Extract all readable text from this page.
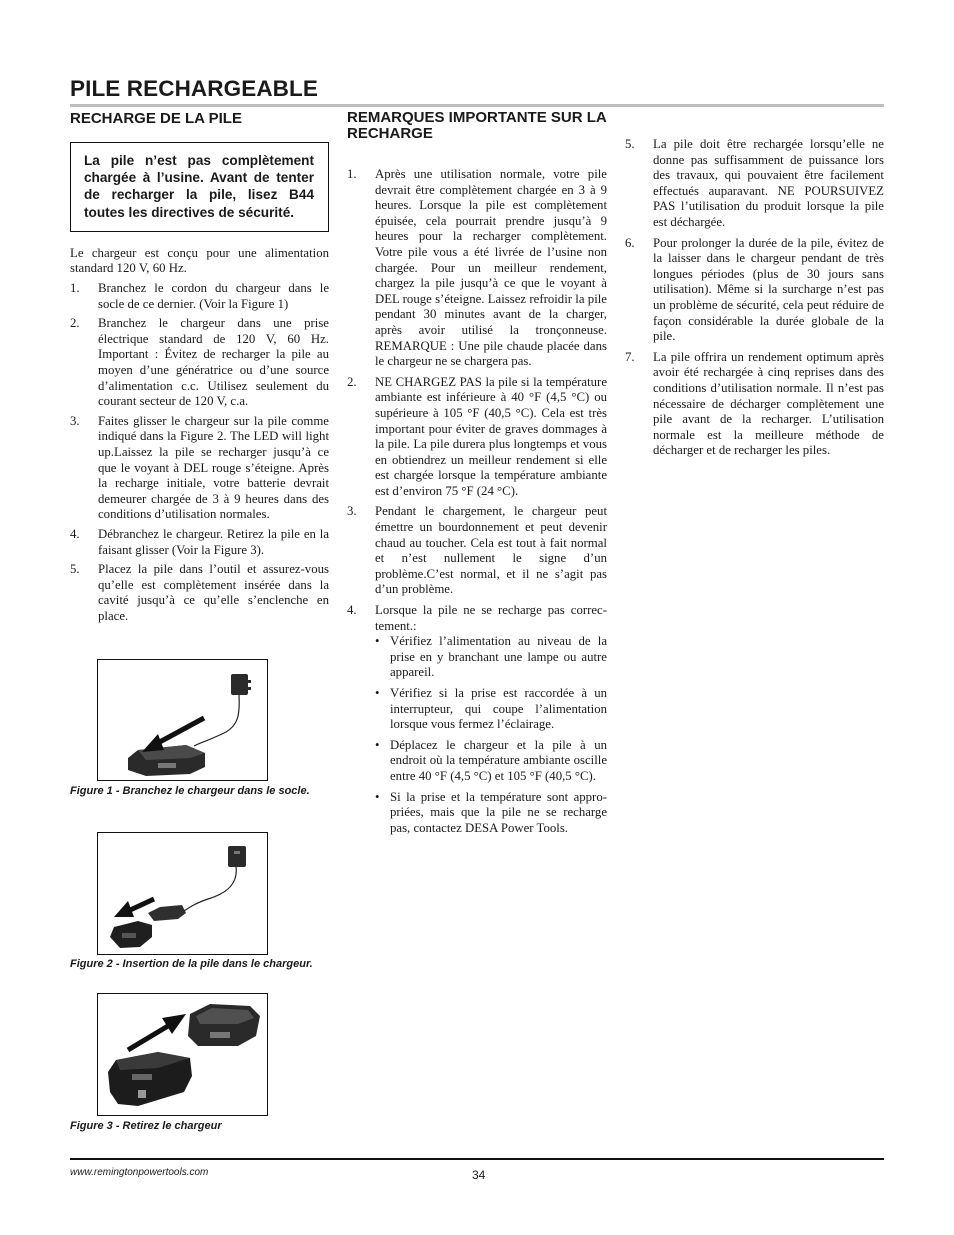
PILE RECHARGEABLE
RECHARGE DE LA PILE
La pile n’est pas complètement chargée à l’usine. Avant de tenter de recharger la pile, lisez B44 toutes les directives de sécurité.

Le chargeur est conçu pour une alimentation standard 120 V, 60 Hz.

1. Branchez le cordon du chargeur dans le socle de ce dernier. (Voir la Figure 1)
2. Branchez le chargeur dans une prise électrique standard de 120 V, 60 Hz. Important : Évitez de recharger la pile au moyen d’une génératrice ou d’une source d’alimentation c.c. Utilisez seulement du courant secteur de 120 V, c.a.
3. Faites glisser le chargeur sur la pile comme indiqué dans la Figure 2. The LED will light up.Laissez la pile se recharger jusqu’à ce que le voyant à DEL rouge s’éteigne. Après la recharge initiale, votre batterie devrait demeurer chargée de 3 à 9 heures dans des conditions d’utilisation normales.
4. Débranchez le chargeur. Retirez la pile en la faisant glisser (Voir la Figure 3).
5. Placez la pile dans l’outil et assurez-vous qu’elle est complètement insérée dans la cavité jusqu’à ce qu’elle s’enclenche en place.
Figure 1 - Branchez le chargeur dans le socle.
Figure 2 - Insertion de la pile dans le chargeur.
Figure 3 - Retirez le chargeur
REMARQUES IMPORTANTE SUR LA RECHARGE
1. Après une utilisation normale, votre pile devrait être complètement chargée en 3 à 9 heures. Lorsque la pile est complètement épuisée, cela pourrait prendre jusqu’à 9 heures pour la recharger complètement. Votre pile vous a été livrée de l’usine non chargée. Pour un meilleur rendement, chargez la pile jusqu’à ce que le voyant à DEL rouge s’éteigne. Laissez refroidir la pile pendant 30 minutes avant de la charger, après avoir utilisé la tronçonneuse. REMARQUE : Une pile chaude placée dans le chargeur ne se chargera pas.
2. NE CHARGEZ PAS la pile si la température ambiante est inférieure à 40 °F (4,5 °C) ou supérieure à 105 °F (40,5 °C). Cela est très important pour éviter de graves dommages à la pile. La pile durera plus longtemps et vous en obtiendrez un meilleur rendement si elle est chargée lorsque la température ambiante est d’environ 75 °F (24 °C).
3. Pendant le chargement, le chargeur peut émettre un bourdonnement et peut devenir chaud au toucher. Cela est tout à fait normal et n’est nullement le signe d’un problème.C’est normal, et il ne s’agit pas d’un problème.
4. Lorsque la pile ne se recharge pas correctement.:
• Vérifiez l’alimentation au niveau de la prise en y branchant une lampe ou autre appareil.
• Vérifiez si la prise est raccordée à un interrupteur, qui coupe l’alimentation lorsque vous fermez l’éclairage.
• Déplacez le chargeur et la pile à un endroit où la température ambiante oscille entre 40 °F (4,5 °C) et 105 °F (40,5 °C).
• Si la prise et la température sont appropriées, mais que la pile ne se recharge pas, contactez DESA Power Tools.
5. La pile doit être rechargée lorsqu’elle ne donne pas suffisamment de puissance lors des travaux, qui pouvaient être facilement effectués auparavant. NE POURSUIVEZ PAS l’utilisation du produit lorsque la pile est déchargée.
6. Pour prolonger la durée de la pile, évitez de la laisser dans le chargeur pendant de très longues périodes (plus de 30 jours sans utilisation). Même si la surcharge n’est pas un problème de sécurité, cela peut réduire de façon considérable la durée globale de la pile.
7. La pile offrira un rendement optimum après avoir été rechargée à cinq reprises dans des conditions d’utilisation normale. Il n’est pas nécessaire de décharger complètement une pile avant de la recharger. L’utilisation normale est la meilleure méthode de décharger et de recharger les piles.
www.remingtonpowertools.com	34
